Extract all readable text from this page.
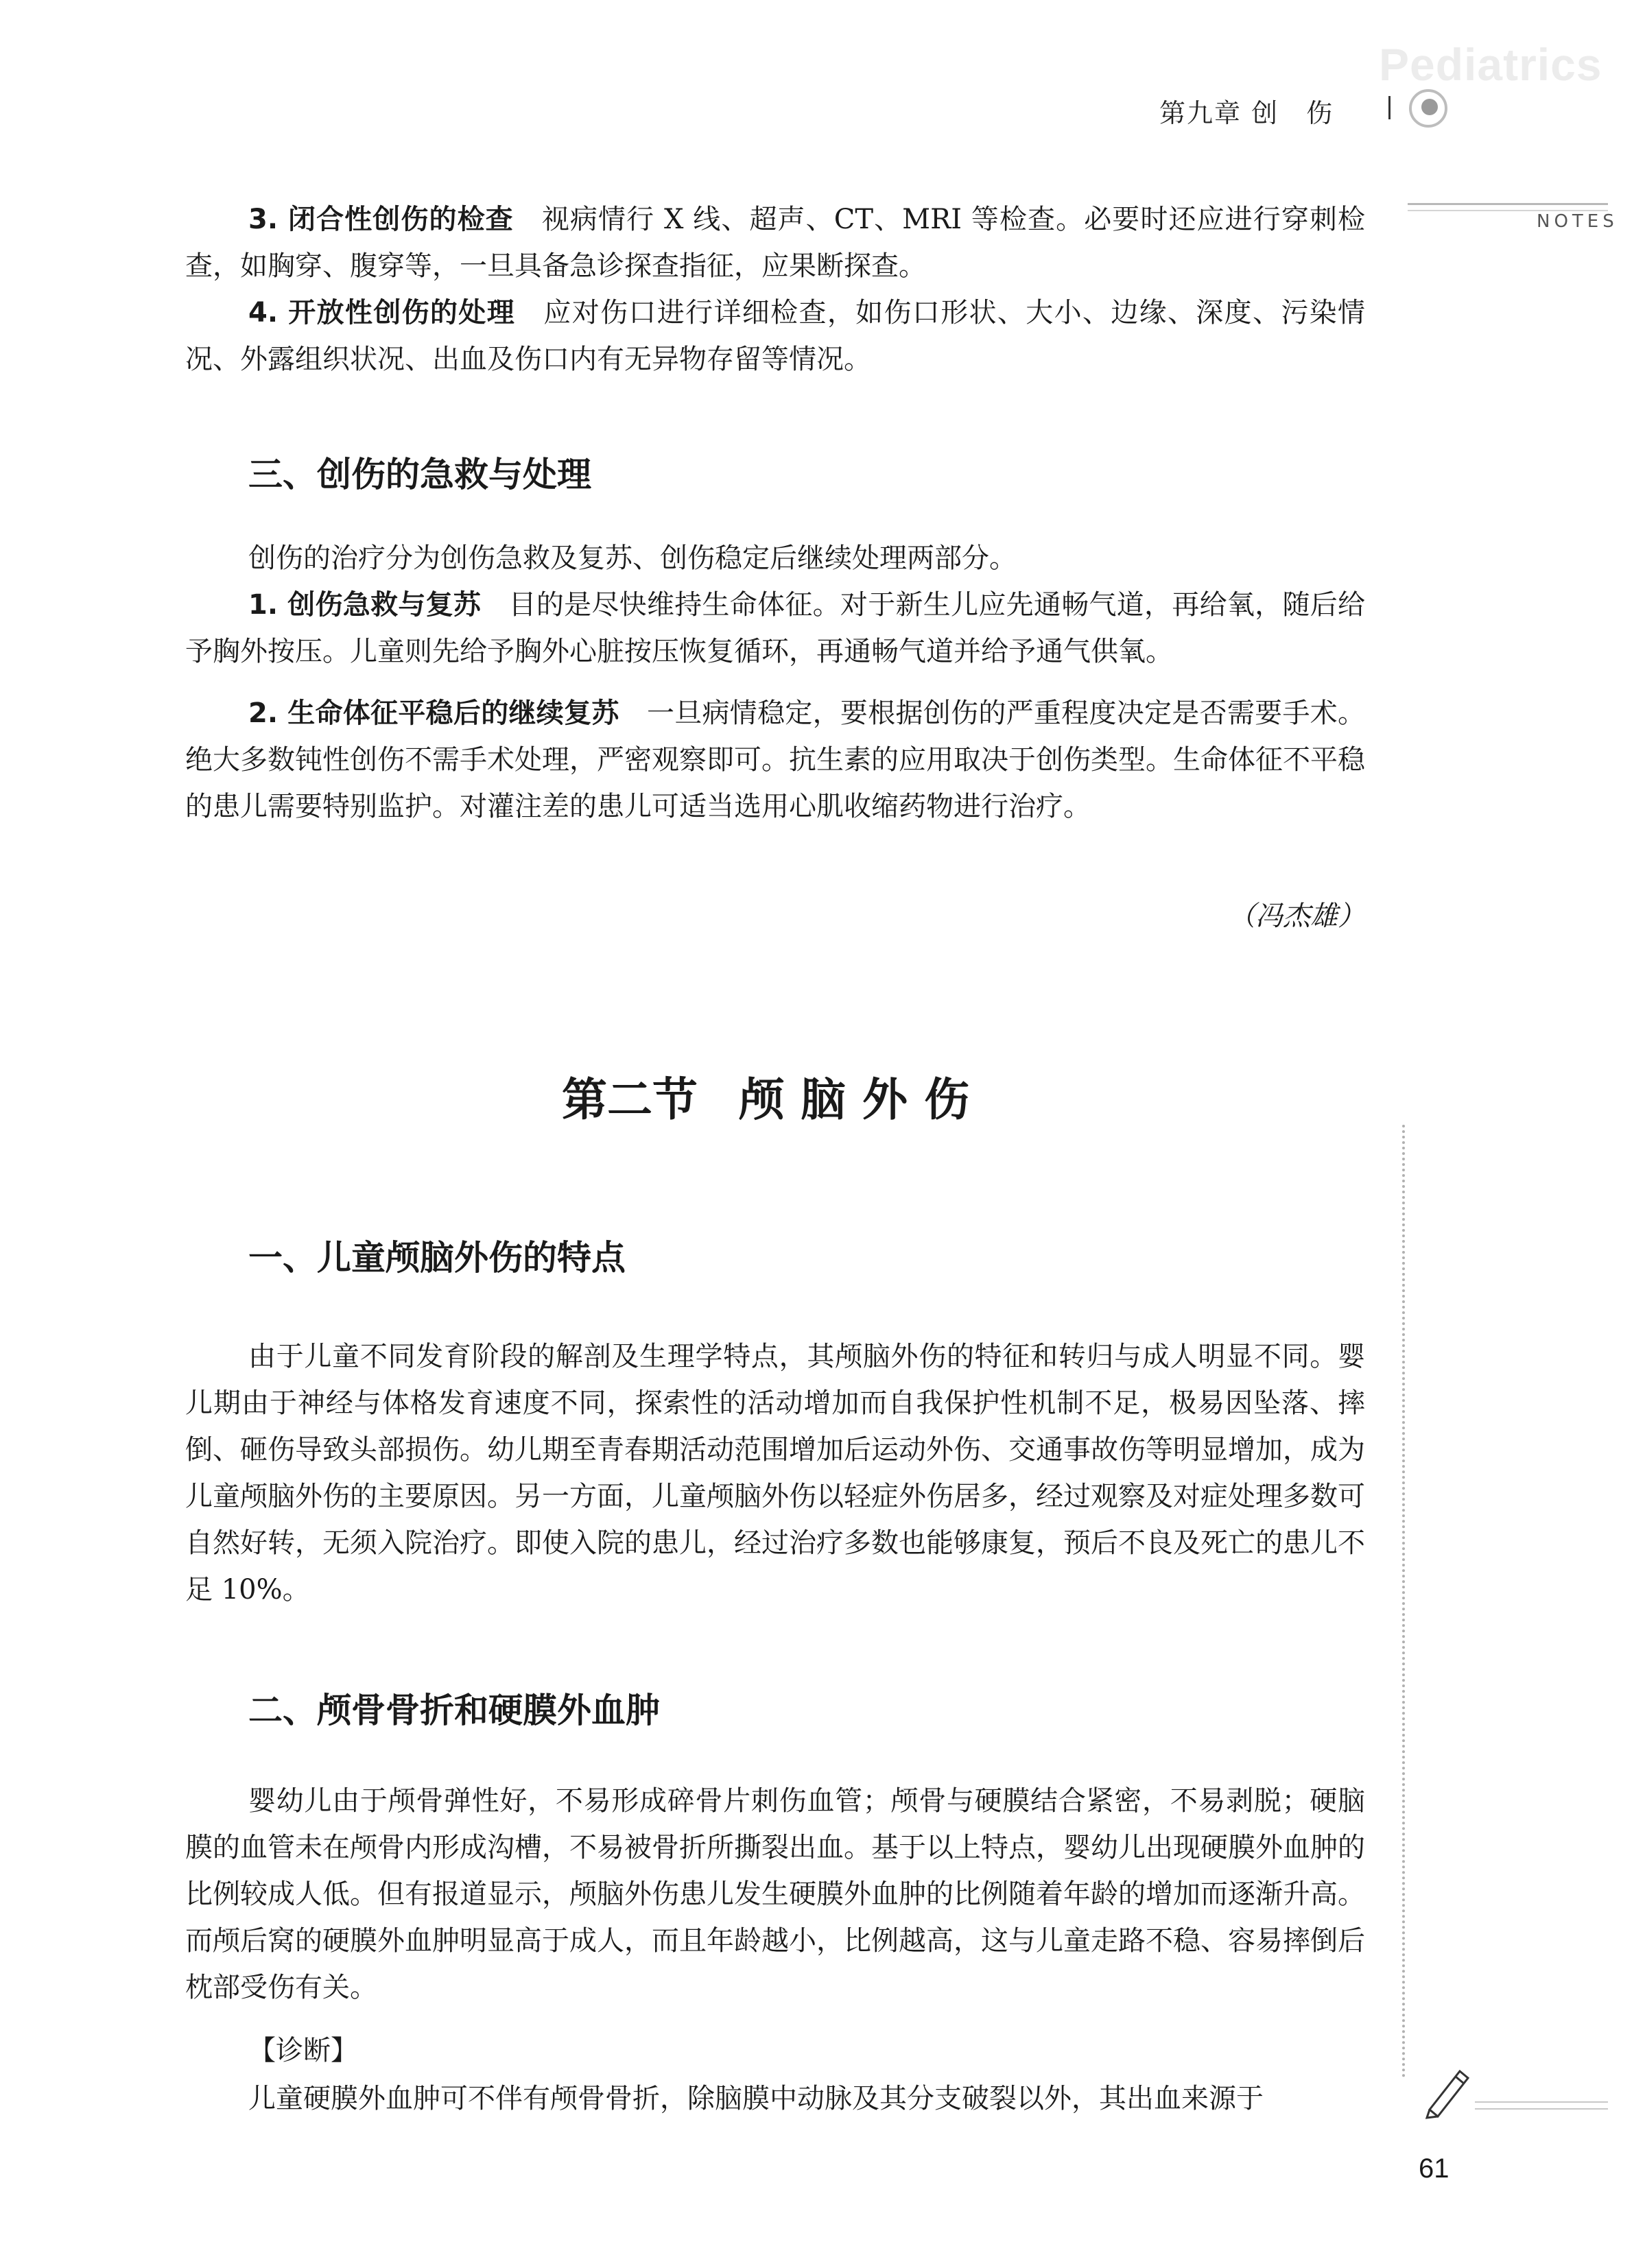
Pediatrics
第九章 创　伤
NOTES
61

3. 闭合性创伤的检查　 视病情行 X 线、超声、CT、MRI 等检查。必要时还应进行穿刺检查，如胸穿、腹穿等，一旦具备急诊探查指征，应果断探查。

4. 开放性创伤的处理　 应对伤口进行详细检查，如伤口形状、大小、边缘、深度、污染情况、外露组织状况、出血及伤口内有无异物存留等情况。

三、创伤的急救与处理

创伤的治疗分为创伤急救及复苏、创伤稳定后继续处理两部分。

1. 创伤急救与复苏　 目的是尽快维持生命体征。对于新生儿应先通畅气道，再给氧，随后给予胸外按压。儿童则先给予胸外心脏按压恢复循环，再通畅气道并给予通气供氧。

2. 生命体征平稳后的继续复苏　 一旦病情稳定，要根据创伤的严重程度决定是否需要手术。绝大多数钝性创伤不需手术处理，严密观察即可。抗生素的应用取决于创伤类型。生命体征不平稳的患儿需要特别监护。对灌注差的患儿可适当选用心肌收缩药物进行治疗。

（冯杰雄）
第二节 颅脑外伤
一、儿童颅脑外伤的特点

由于儿童不同发育阶段的解剖及生理学特点，其颅脑外伤的特征和转归与成人明显不同。婴儿期由于神经与体格发育速度不同，探索性的活动增加而自我保护性机制不足，极易因坠落、摔倒、砸伤导致头部损伤。幼儿期至青春期活动范围增加后运动外伤、交通事故伤等明显增加，成为儿童颅脑外伤的主要原因。另一方面，儿童颅脑外伤以轻症外伤居多，经过观察及对症处理多数可自然好转，无须入院治疗。即使入院的患儿，经过治疗多数也能够康复，预后不良及死亡的患儿不足 10%。

二、颅骨骨折和硬膜外血肿

婴幼儿由于颅骨弹性好，不易形成碎骨片刺伤血管；颅骨与硬膜结合紧密，不易剥脱；硬脑膜的血管未在颅骨内形成沟槽，不易被骨折所撕裂出血。基于以上特点，婴幼儿出现硬膜外血肿的比例较成人低。但有报道显示，颅脑外伤患儿发生硬膜外血肿的比例随着年龄的增加而逐渐升高。而颅后窝的硬膜外血肿明显高于成人，而且年龄越小，比例越高，这与儿童走路不稳、容易摔倒后枕部受伤有关。

【诊断】

儿童硬膜外血肿可不伴有颅骨骨折，除脑膜中动脉及其分支破裂以外，其出血来源于
